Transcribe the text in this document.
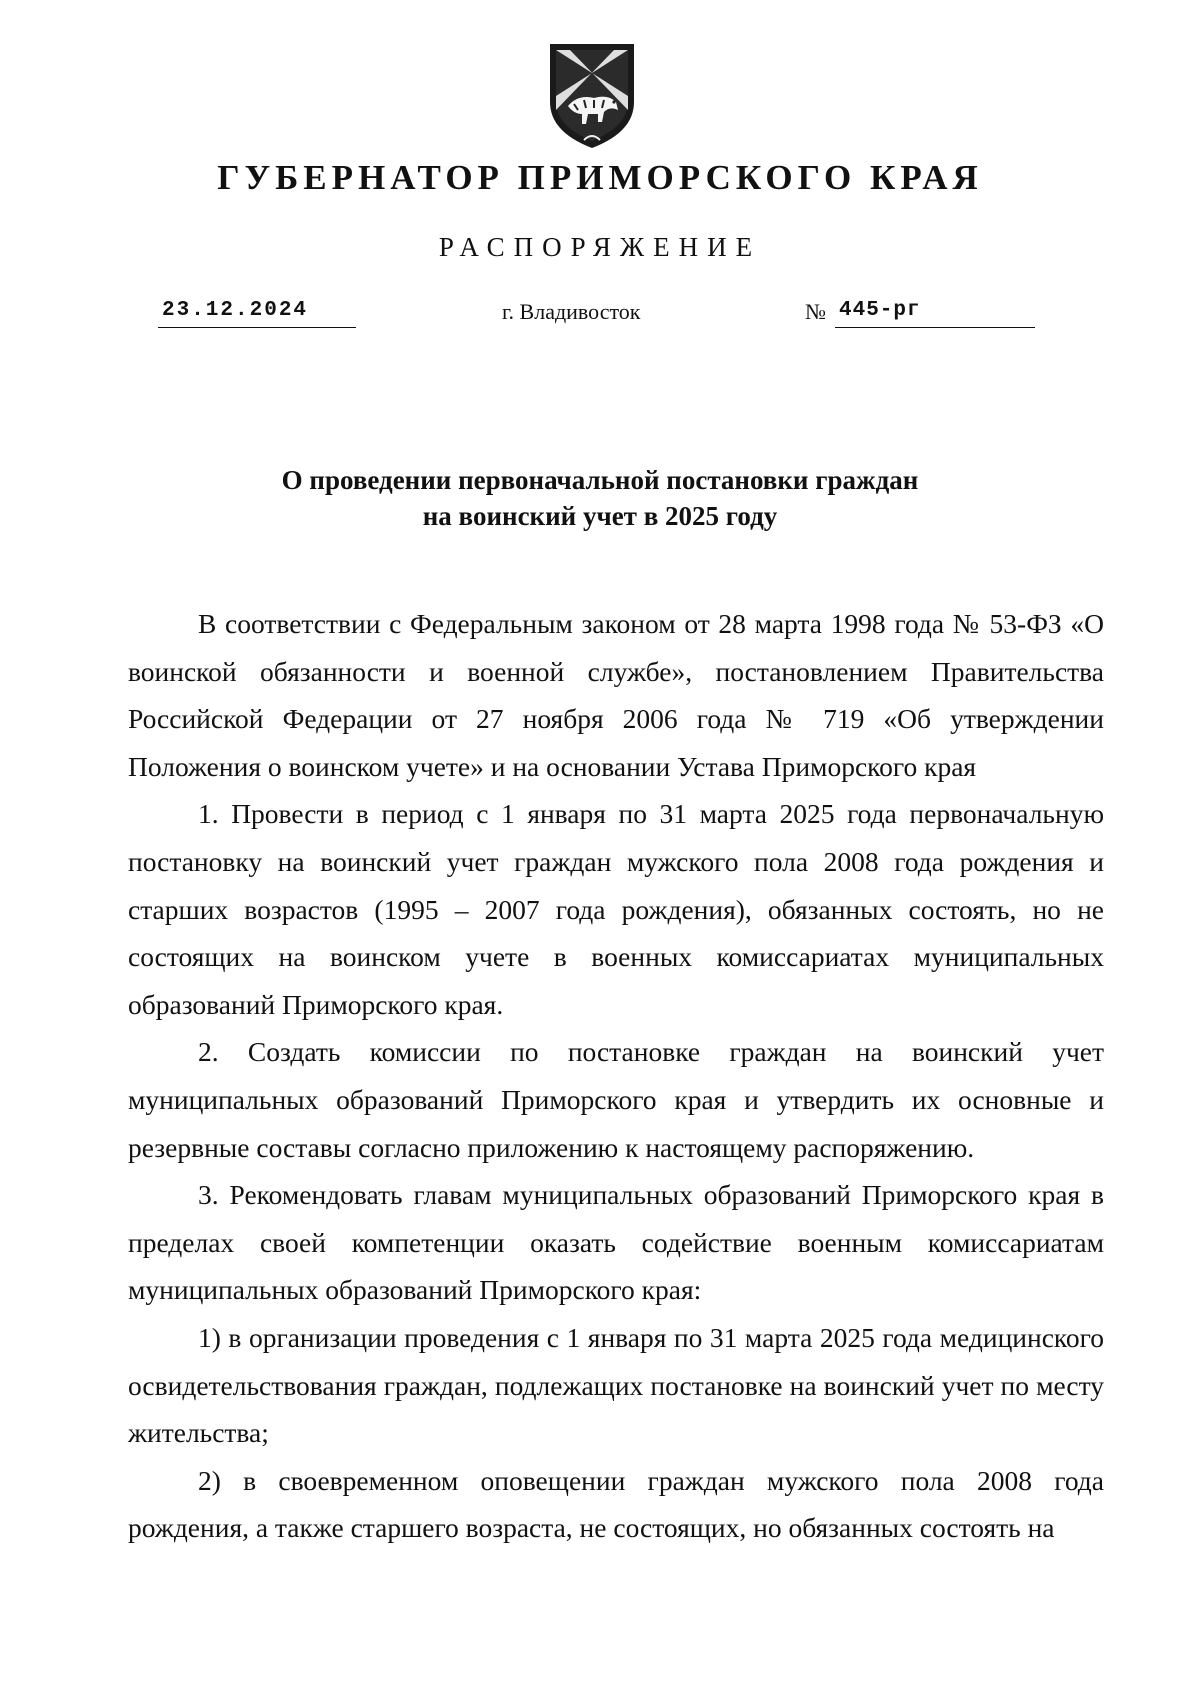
ГУБЕРНАТОР ПРИМОРСКОГО КРАЯ
РАСПОРЯЖЕНИЕ
23.12.2024	г. Владивосток	№ 445-рг
О проведении первоначальной постановки граждан
на воинский учет в 2025 году

В соответствии с Федеральным законом от 28 марта 1998 года № 53-ФЗ «О воинской обязанности и военной службе», постановлением Правительства Российской Федерации от 27 ноября 2006 года № 719 «Об утверждении Положения о воинском учете» и на основании Устава Приморского края

1. Провести в период с 1 января по 31 марта 2025 года первоначальную постановку на воинский учет граждан мужского пола 2008 года рождения и старших возрастов (1995 – 2007 года рождения), обязанных состоять, но не состоящих на воинском учете в военных комиссариатах муниципальных образований Приморского края.

2. Создать комиссии по постановке граждан на воинский учет муниципальных образований Приморского края и утвердить их основные и резервные составы согласно приложению к настоящему распоряжению.

3. Рекомендовать главам муниципальных образований Приморского края в пределах своей компетенции оказать содействие военным комиссариатам муниципальных образований Приморского края:

1) в организации проведения с 1 января по 31 марта 2025 года медицинского освидетельствования граждан, подлежащих постановке на воинский учет по месту жительства;

2) в своевременном оповещении граждан мужского пола 2008 года рождения, а также старшего возраста, не состоящих, но обязанных состоять на
